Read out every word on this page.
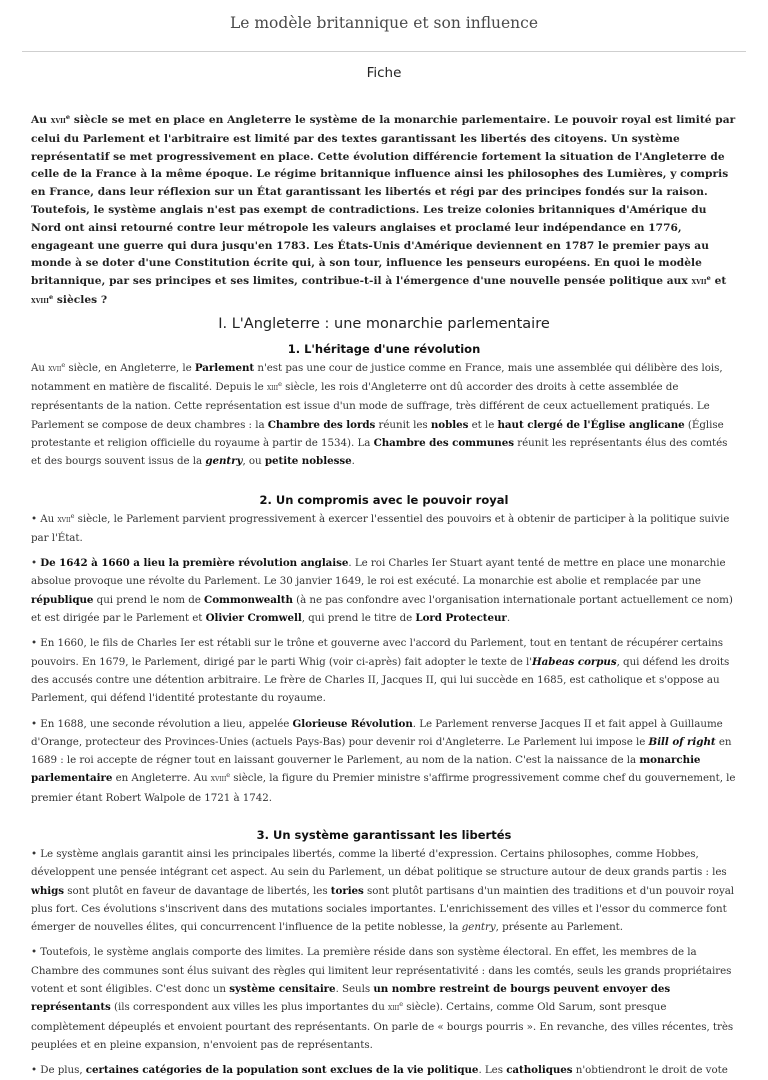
Le modèle britannique et son influence
Fiche

Au xvii$^e$ siècle se met en place en Angleterre le système de la monarchie parlementaire. Le pouvoir royal est limité par celui du Parlement et l'arbitraire est limité par des textes garantissant les libertés des citoyens. Un système représentatif se met progressivement en place. Cette évolution différencie fortement la situation de l'Angleterre de celle de la France à la même époque. Le régime britannique influence ainsi les philosophes des Lumières, y compris en France, dans leur réflexion sur un État garantissant les libertés et régi par des principes fondés sur la raison. Toutefois, le système anglais n'est pas exempt de contradictions. Les treize colonies britanniques d'Amérique du Nord ont ainsi retourné contre leur métropole les valeurs anglaises et proclamé leur indépendance en 1776, engageant une guerre qui dura jusqu'en 1783. Les États-Unis d'Amérique deviennent en 1787 le premier pays au monde à se doter d'une Constitution écrite qui, à son tour, influence les penseurs européens. En quoi le modèle britannique, par ses principes et ses limites, contribue-t-il à l'émergence d'une nouvelle pensée politique aux xvii$^e$ et xviii$^e$ siècles ?

I. L'Angleterre : une monarchie parlementaire
1. L'héritage d'une révolution

Au xvii$^e$ siècle, en Angleterre, le Parlement n'est pas une cour de justice comme en France, mais une assemblée qui délibère des lois, notamment en matière de fiscalité. Depuis le xiii$^e$ siècle, les rois d'Angleterre ont dû accorder des droits à cette assemblée de représentants de la nation. Cette représentation est issue d'un mode de suffrage, très différent de ceux actuellement pratiqués. Le Parlement se compose de deux chambres : la Chambre des lords réunit les nobles et le haut clergé de l'Église anglicane (Église protestante et religion officielle du royaume à partir de 1534). La Chambre des communes réunit les représentants élus des comtés et des bourgs souvent issus de la gentry, ou petite noblesse.

2. Un compromis avec le pouvoir royal

• Au xvii$^e$ siècle, le Parlement parvient progressivement à exercer l'essentiel des pouvoirs et à obtenir de participer à la politique suivie par l'État.

• De 1642 à 1660 a lieu la première révolution anglaise. Le roi Charles Ier Stuart ayant tenté de mettre en place une monarchie absolue provoque une révolte du Parlement. Le 30 janvier 1649, le roi est exécuté. La monarchie est abolie et remplacée par une république qui prend le nom de Commonwealth (à ne pas confondre avec l'organisation internationale portant actuellement ce nom) et est dirigée par le Parlement et Olivier Cromwell, qui prend le titre de Lord Protecteur.

• En 1660, le fils de Charles Ier est rétabli sur le trône et gouverne avec l'accord du Parlement, tout en tentant de récupérer certains pouvoirs. En 1679, le Parlement, dirigé par le parti Whig (voir ci-après) fait adopter le texte de l'Habeas corpus, qui défend les droits des accusés contre une détention arbitraire. Le frère de Charles II, Jacques II, qui lui succède en 1685, est catholique et s'oppose au Parlement, qui défend l'identité protestante du royaume.

• En 1688, une seconde révolution a lieu, appelée Glorieuse Révolution. Le Parlement renverse Jacques II et fait appel à Guillaume d'Orange, protecteur des Provinces-Unies (actuels Pays-Bas) pour devenir roi d'Angleterre. Le Parlement lui impose le Bill of right en 1689 : le roi accepte de régner tout en laissant gouverner le Parlement, au nom de la nation. C'est la naissance de la monarchie parlementaire en Angleterre. Au xviii$^e$ siècle, la figure du Premier ministre s'affirme progressivement comme chef du gouvernement, le premier étant Robert Walpole de 1721 à 1742.

3. Un système garantissant les libertés

• Le système anglais garantit ainsi les principales libertés, comme la liberté d'expression. Certains philosophes, comme Hobbes, développent une pensée intégrant cet aspect. Au sein du Parlement, un débat politique se structure autour de deux grands partis : les whigs sont plutôt en faveur de davantage de libertés, les tories sont plutôt partisans d'un maintien des traditions et d'un pouvoir royal plus fort. Ces évolutions s'inscrivent dans des mutations sociales importantes. L'enrichissement des villes et l'essor du commerce font émerger de nouvelles élites, qui concurrencent l'influence de la petite noblesse, la gentry, présente au Parlement.

• Toutefois, le système anglais comporte des limites. La première réside dans son système électoral. En effet, les membres de la Chambre des communes sont élus suivant des règles qui limitent leur représentativité : dans les comtés, seuls les grands propriétaires votent et sont éligibles. C'est donc un système censitaire. Seuls un nombre restreint de bourgs peuvent envoyer des représentants (ils correspondent aux villes les plus importantes du xiii$^e$ siècle). Certains, comme Old Sarum, sont presque complètement dépeuplés et envoient pourtant des représentants. On parle de « bourgs pourris ». En revanche, des villes récentes, très peuplées et en pleine expansion, n'envoient pas de représentants.

• De plus, certaines catégories de la population sont exclues de la vie politique. Les catholiques n'obtiendront le droit de vote
